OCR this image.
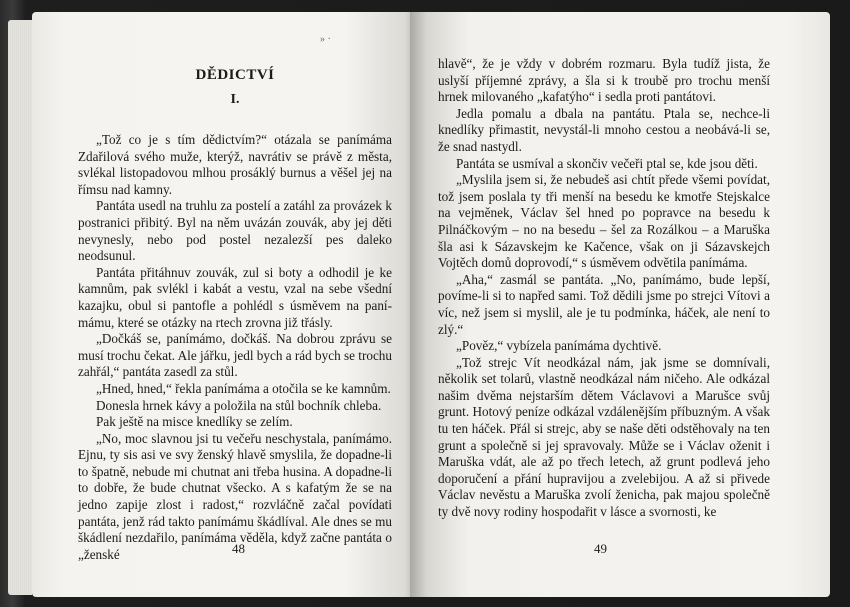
» ·
DĚDICTVÍ
I.

„Tož co je s tím dědictvím?“ otázala se panímáma Zdařilová svého muže, kterýž, navrátiv se právě z města, svlékal listopadovou mlhou prosáklý burnus a věšel jej na římsu nad kamny.

Pantáta usedl na truhlu za postelí a zatáhl za provázek k postranici přibitý. Byl na něm uvázán zouvák, aby jej děti nevynesly, nebo pod postel nezalezší pes daleko neodsunul.

Pantáta přitáhnuv zouvák, zul si boty a odhodil je ke kamnům, pak svlékl i kabát a vestu, vzal na sebe všední kazajku, obul si pantofle a pohlédl s úsměvem na panímámu, které se otázky na rtech zrovna již třásly.

„Dočkáš se, panímámo, dočkáš. Na dobrou zprávu se musí trochu čekat. Ale jářku, jedl bych a rád bych se trochu zahřál,“ pantáta zasedl za stůl.

„Hned, hned,“ řekla panímáma a otočila se ke kamnům.

Donesla hrnek kávy a položila na stůl bochník chleba.

Pak ještě na misce knedlíky se zelím.

„No, moc slavnou jsi tu večeřu neschystala, panímámo. Ejnu, ty sis asi ve svy ženský hlavě smyslila, že dopadne-li to špatně, nebude mi chutnat ani třeba husina. A dopadne-li to dobře, že bude chutnat všecko. A s kafatým že se na jedno zapije zlost i radost,“ rozvláčně začal povídati pantáta, jenž rád takto panímámu škádlíval. Ale dnes se mu škádlení nezdařilo, panímáma věděla, když začne pantáta o „ženské	48

hlavě“, že je vždy v dobrém rozmaru. Byla tudíž jista, že uslyší příjemné zprávy, a šla si k troubě pro trochu menší hrnek milovaného „kafatýho“ i sedla proti pantátovi.

Jedla pomalu a dbala na pantátu. Ptala se, nechce-li knedlíky přimastit, nevystál-li mnoho cestou a neobává-li se, že snad nastydl.

Pantáta se usmíval a skončiv večeři ptal se, kde jsou děti.

„Myslila jsem si, že nebudeš asi chtít přede všemi povídat, tož jsem poslala ty tři menší na besedu ke kmotře Stejskalce na vejměnek, Václav šel hned po popravce na besedu k Pilnáčkovým – no na besedu – šel za Rozálkou – a Maruška šla asi k Sázavskejm ke Kačence, však on ji Sázavskejch Vojtěch domů doprovodí,“ s úsměvem odvětila panímáma.

„Aha,“ zasmál se pantáta. „No, panímámo, bude lepší, povíme-li si to napřed sami. Tož dědili jsme po strejci Vítovi a víc, než jsem si myslil, ale je tu podmínka, háček, ale není to zlý.“

„Pověz,“ vybízela panímáma dychtivě.

„Tož strejc Vít neodkázal nám, jak jsme se domnívali, několik set tolarů, vlastně neodkázal nám ničeho. Ale odkázal našim dvěma nejstarším dětem Václavovi a Marušce svůj grunt. Hotový peníze odkázal vzdálenějším příbuzným. A však tu ten háček. Přál si strejc, aby se naše děti odstěhovaly na ten grunt a společně si jej spravovaly. Může se i Václav oženit i Maruška vdát, ale až po třech letech, až grunt podlevá jeho doporučení a přání hupravijou a zvelebijou. A až si přivede Václav nevěstu a Maruška zvolí ženicha, pak majou společně ty dvě novy rodiny hospodařit v lásce a svornosti, ke

49
